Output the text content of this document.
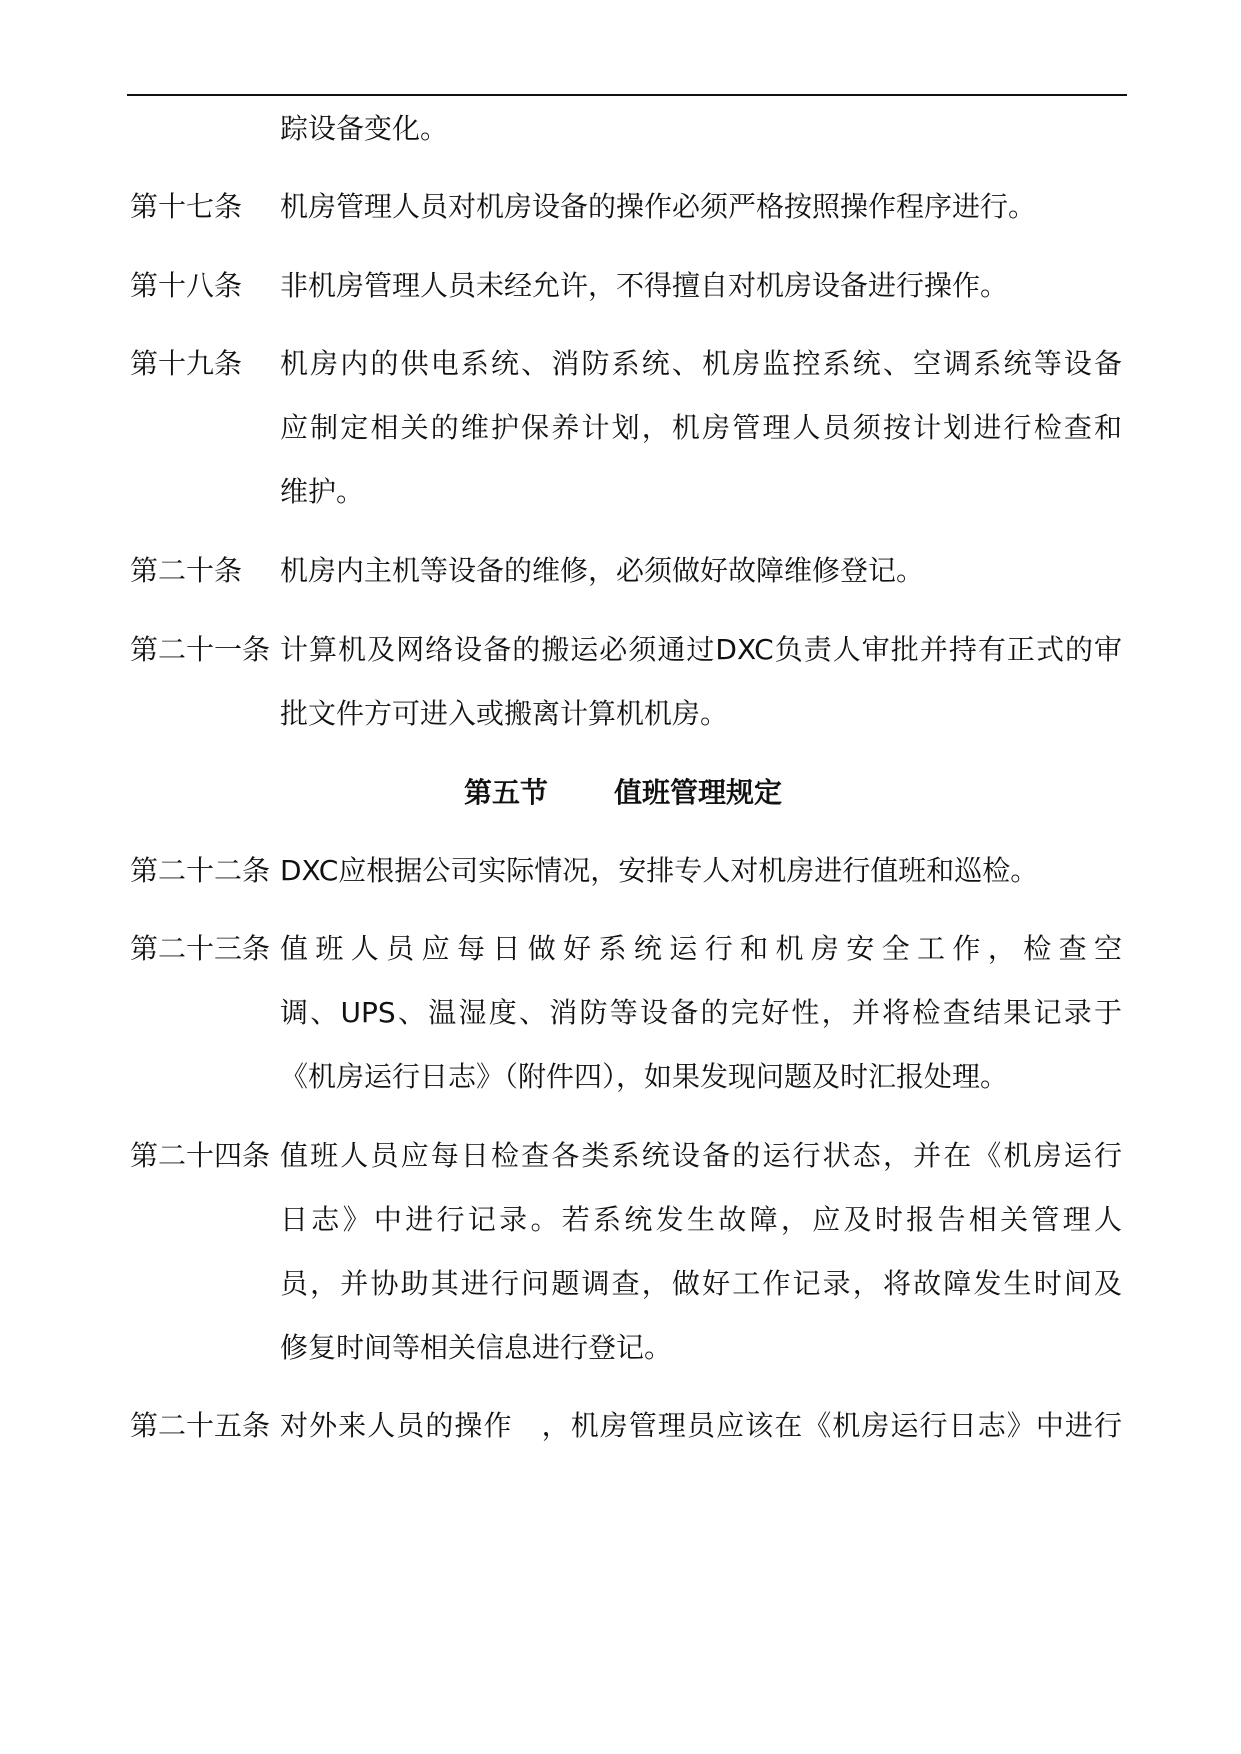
踪设备变化。
第十七条	机房管理人员对机房设备的操作必须严格按照操作程序进行。
第十八条	非机房管理人员未经允许，不得擅自对机房设备进行操作。
第十九条	机房内的供电系统、消防系统、机房监控系统、空调系统等设备
应制定相关的维护保养计划，机房管理人员须按计划进行检查和
维护。
第二十条	机房内主机等设备的维修，必须做好故障维修登记。
第二十一条 计算机及网络设备的搬运必须通过DXC负责人审批并持有正式的审
批文件方可进入或搬离计算机机房。
第五节 值班管理规定
第二十二条 DXC应根据公司实际情况，安排专人对机房进行值班和巡检。
第二十三条 值班人员应每日做好系统运行和机房安全工作，检查空
调、UPS、温湿度、消防等设备的完好性，并将检查结果记录于
《机房运行日志》（附件四），如果发现问题及时汇报处理。
第二十四条 值班人员应每日检查各类系统设备的运行状态，并在《机房运行
日志》中进行记录。若系统发生故障，应及时报告相关管理人
员，并协助其进行问题调查，做好工作记录，将故障发生时间及
修复时间等相关信息进行登记。
第二十五条 对外来人员的操作　，机房管理员应该在《机房运行日志》中进行
